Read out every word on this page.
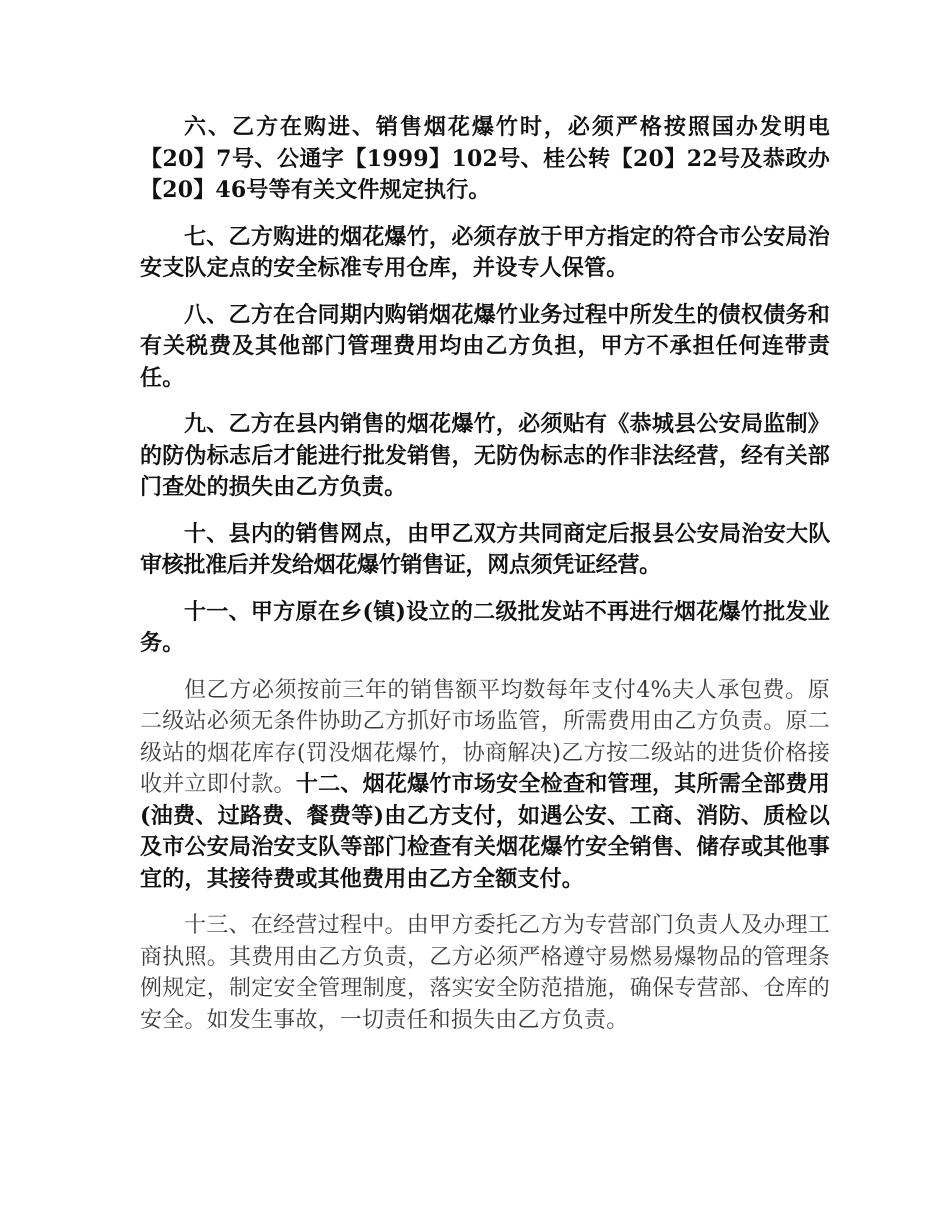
六、乙方在购进、销售烟花爆竹时，必须严格按照国办发明电【20】7号、公通字【1999】102号、桂公转【20】22号及恭政办【20】46号等有关文件规定执行。

七、乙方购进的烟花爆竹，必须存放于甲方指定的符合市公安局治安支队定点的安全标准专用仓库，并设专人保管。

八、乙方在合同期内购销烟花爆竹业务过程中所发生的债权债务和有关税费及其他部门管理费用均由乙方负担，甲方不承担任何连带责任。

九、乙方在县内销售的烟花爆竹，必须贴有《恭城县公安局监制》的防伪标志后才能进行批发销售，无防伪标志的作非法经营，经有关部门查处的损失由乙方负责。

十、县内的销售网点，由甲乙双方共同商定后报县公安局治安大队审核批准后并发给烟花爆竹销售证，网点须凭证经营。

十一、甲方原在乡(镇)设立的二级批发站不再进行烟花爆竹批发业务。

但乙方必须按前三年的销售额平均数每年支付4%夫人承包费。原二级站必须无条件协助乙方抓好市场监管，所需费用由乙方负责。原二级站的烟花库存(罚没烟花爆竹，协商解决)乙方按二级站的进货价格接收并立即付款。十二、烟花爆竹市场安全检查和管理，其所需全部费用(油费、过路费、餐费等)由乙方支付，如遇公安、工商、消防、质检以及市公安局治安支队等部门检查有关烟花爆竹安全销售、储存或其他事宜的，其接待费或其他费用由乙方全额支付。

十三、在经营过程中。由甲方委托乙方为专营部门负责人及办理工商执照。其费用由乙方负责，乙方必须严格遵守易燃易爆物品的管理条例规定，制定安全管理制度，落实安全防范措施，确保专营部、仓库的安全。如发生事故，一切责任和损失由乙方负责。
